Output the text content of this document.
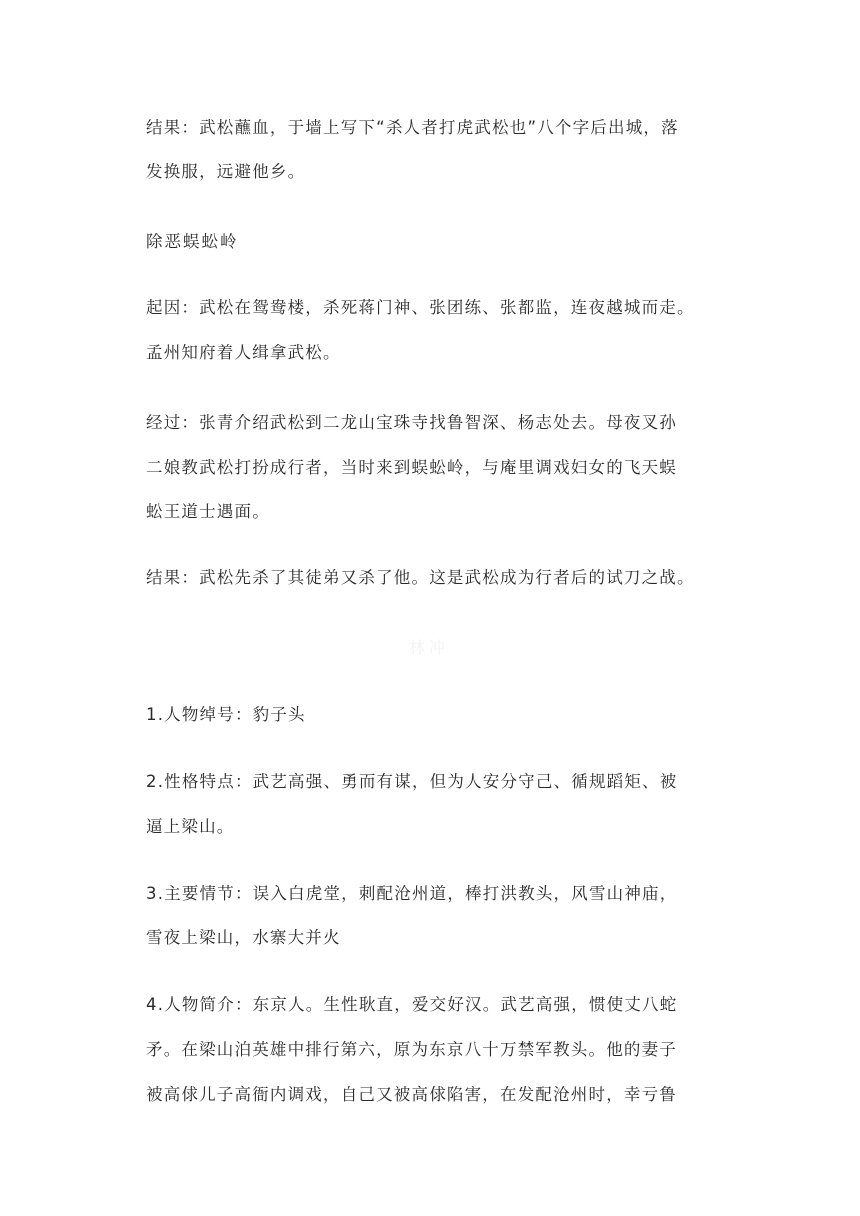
结果：武松蘸血，于墙上写下“杀人者打虎武松也”八个字后出城，落
发换服，远避他乡。
除恶蜈蚣岭
起因：武松在鸳鸯楼，杀死蒋门神、张团练、张都监，连夜越城而走。
孟州知府着人缉拿武松。
经过：张青介绍武松到二龙山宝珠寺找鲁智深、杨志处去。母夜叉孙
二娘教武松打扮成行者，当时来到蜈蚣岭，与庵里调戏妇女的飞天蜈
蚣王道士遇面。
结果：武松先杀了其徒弟又杀了他。这是武松成为行者后的试刀之战。
林冲
1.人物绰号：豹子头
2.性格特点：武艺高强、勇而有谋，但为人安分守己、循规蹈矩、被
逼上梁山。
3.主要情节：误入白虎堂，刺配沧州道，棒打洪教头，风雪山神庙，
雪夜上梁山，水寨大并火
4.人物简介：东京人。生性耿直，爱交好汉。武艺高强，惯使丈八蛇
矛。在梁山泊英雄中排行第六，原为东京八十万禁军教头。他的妻子
被高俅儿子高衙内调戏，自己又被高俅陷害，在发配沧州时，幸亏鲁
